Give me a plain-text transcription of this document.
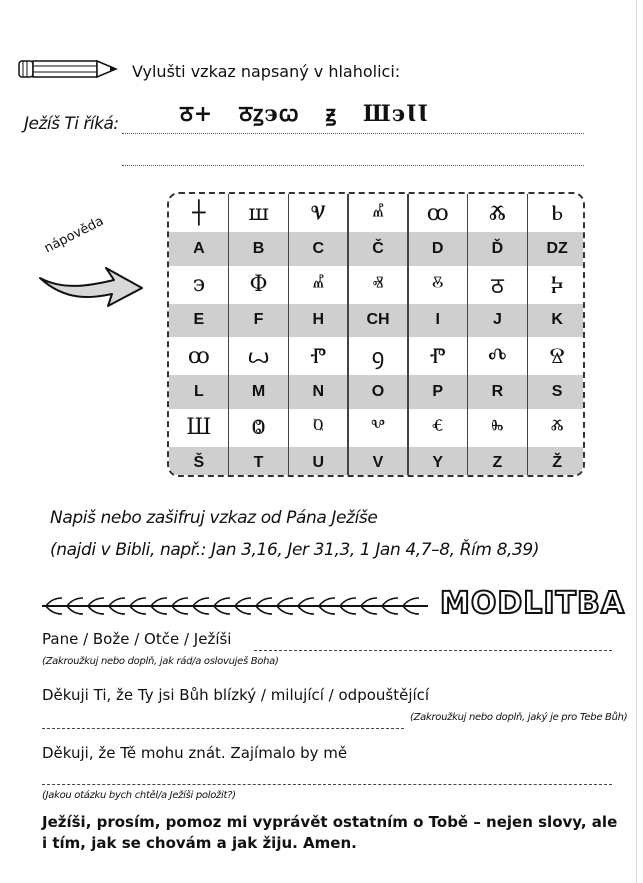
Vylušti vzkaz napsaný v hlaholici:
Ježíš Ti říká:	ठ+ ठꙁэꙍ ꙃ ШэꙆꙆ
nápověda
┼	ш	Ⱌ	ⰼ	ꝏ	Ⰶ	Ⱃ
A	B	C	Č	D	Ď	DZ
э	Φ	ⰼ	ⱏ	ⰻ	ठ	Ⰽ
E	F	H	CH	I	J	K
ꝏ	ꙍ	Ⱂ	ꝯ	Ⱂ	Ⰴ	Ⱄ
L	M	N	O	P	R	S
Ш	Ⱉ	ⱒ	ⰲ	ⱔ	ⰸ	ⰶ
Š	T	U	V	Y	Z	Ž
Napiš nebo zašifruj vzkaz od Pána Ježíše
(najdi v Bibli, např.: Jan 3,16, Jer 31,3, 1 Jan 4,7–8, Řím 8,39)
MODLITBA
Pane / Bože / Otče / Ježíši
(Zakroužkuj nebo doplň, jak rád/a oslovuješ Boha)
Děkuji Ti, že Ty jsi Bůh blízký / milující / odpouštějící
(Zakroužkuj nebo doplň, jaký je pro Tebe Bůh)
Děkuji, že Tě mohu znát. Zajímalo by mě
(Jakou otázku bych chtěl/a Ježíši položit?)
Ježíši, prosím, pomoz mi vyprávět ostatním o Tobě – nejen slovy, ale i tím, jak se chovám a jak žiju. Amen.
